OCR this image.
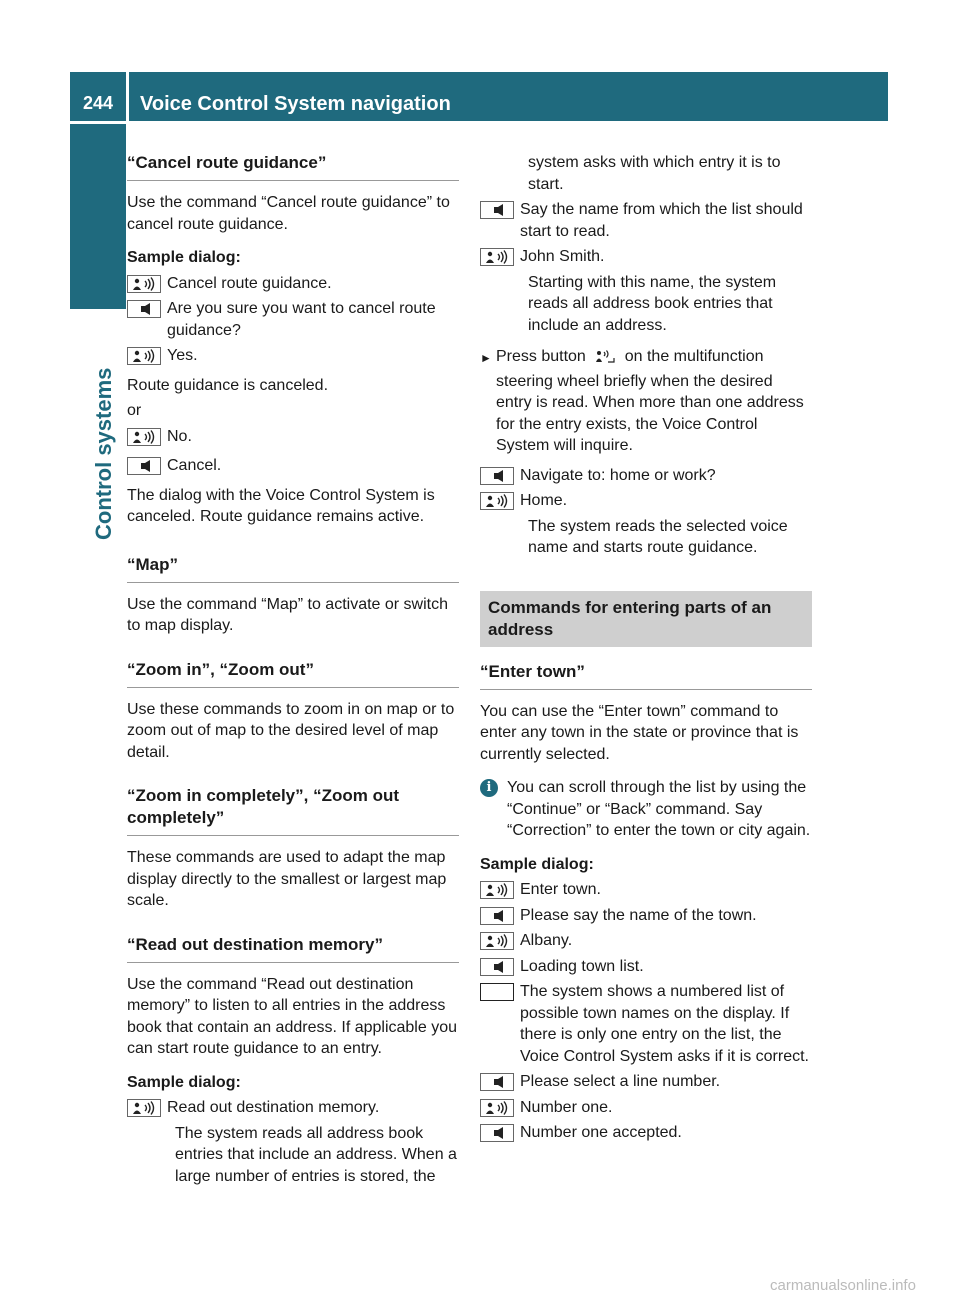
244	Voice Control System navigation
Control systems
“Cancel route guidance”
Use the command “Cancel route guidance” to cancel route guidance.
Sample dialog:
Cancel route guidance.
Are you sure you want to cancel route guidance?
Yes.
Route guidance is canceled.
or
No.
Cancel.
The dialog with the Voice Control System is canceled. Route guidance remains active.
“Map”
Use the command “Map” to activate or switch to map display.
“Zoom in”, “Zoom out”
Use these commands to zoom in on map or to zoom out of map to the desired level of map detail.
“Zoom in completely”, “Zoom out completely”
These commands are used to adapt the map display directly to the smallest or largest map scale.
“Read out destination memory”
Use the command “Read out destination memory” to listen to all entries in the address book that contain an address. If applicable you can start route guidance to an entry.
Sample dialog:
Read out destination memory.
The system reads all address book entries that include an address. When a large number of entries is stored, the
system asks with which entry it is to start.
Say the name from which the list should start to read.
John Smith.
Starting with this name, the system reads all address book entries that include an address.
► Press button on the multifunction steering wheel briefly when the desired entry is read. When more than one address for the entry exists, the Voice Control System will inquire.
Navigate to: home or work?
Home.
The system reads the selected voice name and starts route guidance.
Commands for entering parts of an address
“Enter town”
You can use the “Enter town” command to enter any town in the state or province that is currently selected.
i You can scroll through the list by using the “Continue” or “Back” command. Say “Correction” to enter the town or city again.
Sample dialog:
Enter town.
Please say the name of the town.
Albany.
Loading town list.
The system shows a numbered list of possible town names on the display. If there is only one entry on the list, the Voice Control System asks if it is correct.
Please select a line number.
Number one.
Number one accepted.
carmanualsonline.info
